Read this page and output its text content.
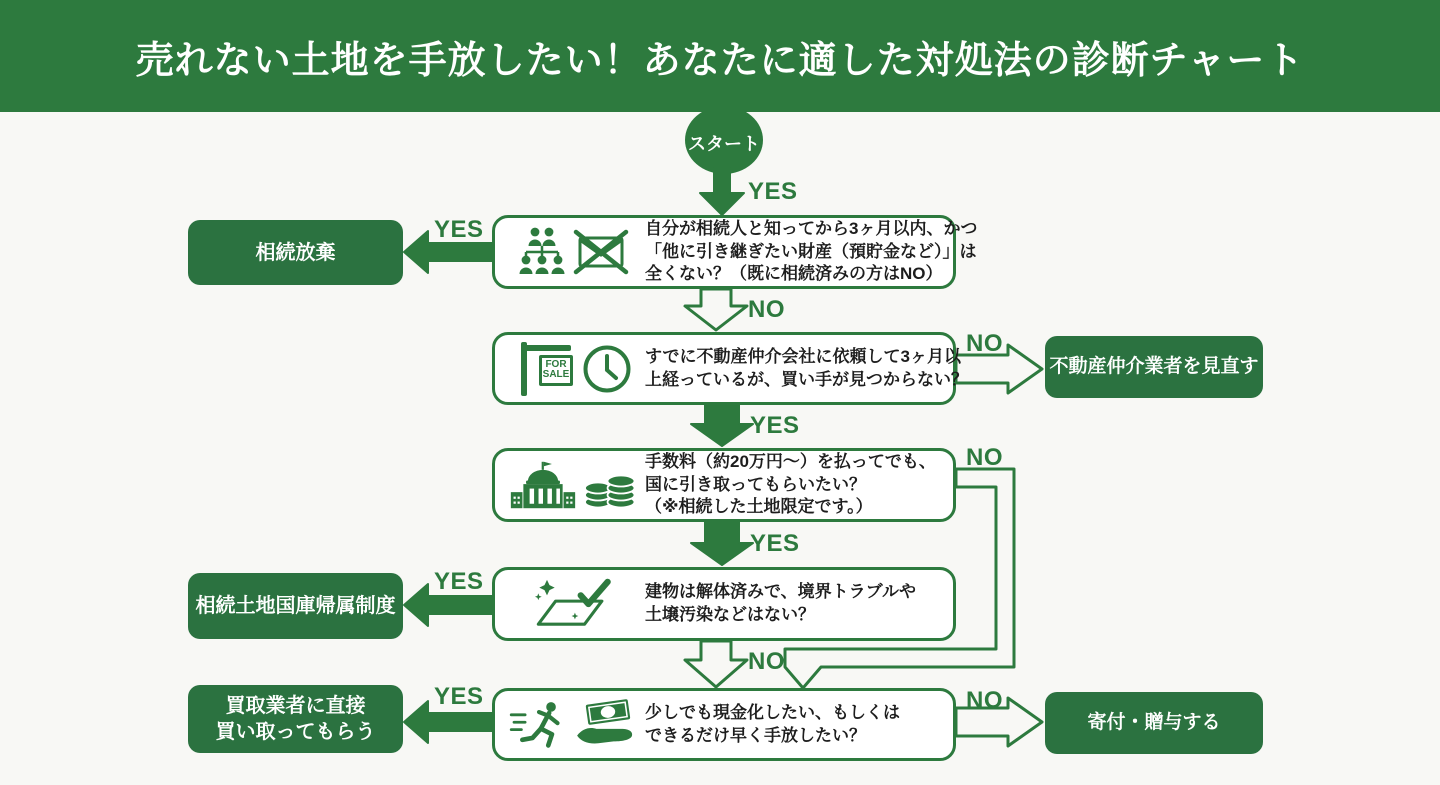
売れない土地を手放したい！あなたに適した対処法の診断チャート
スタート
自分が相続人と知ってから3ヶ月以内、かつ
「他に引き継ぎたい財産（預貯金など）」は
全くない？（既に相続済みの方はNO）
FOR
SALE
すでに不動産仲介会社に依頼して3ヶ月以
上経っているが、買い手が見つからない？
手数料（約20万円〜）を払ってでも、
国に引き取ってもらいたい？
（※相続した土地限定です。）
建物は解体済みで、境界トラブルや
土壌汚染などはない？
少しでも現金化したい、もしくは
できるだけ早く手放したい？
相続放棄
不動産仲介業者を見直す
相続土地国庫帰属制度
買取業者に直接
買い取ってもらう	寄付・贈与する
YES
YES
NO
NO
YES
NO
YES
YES
NO
YES	NO
